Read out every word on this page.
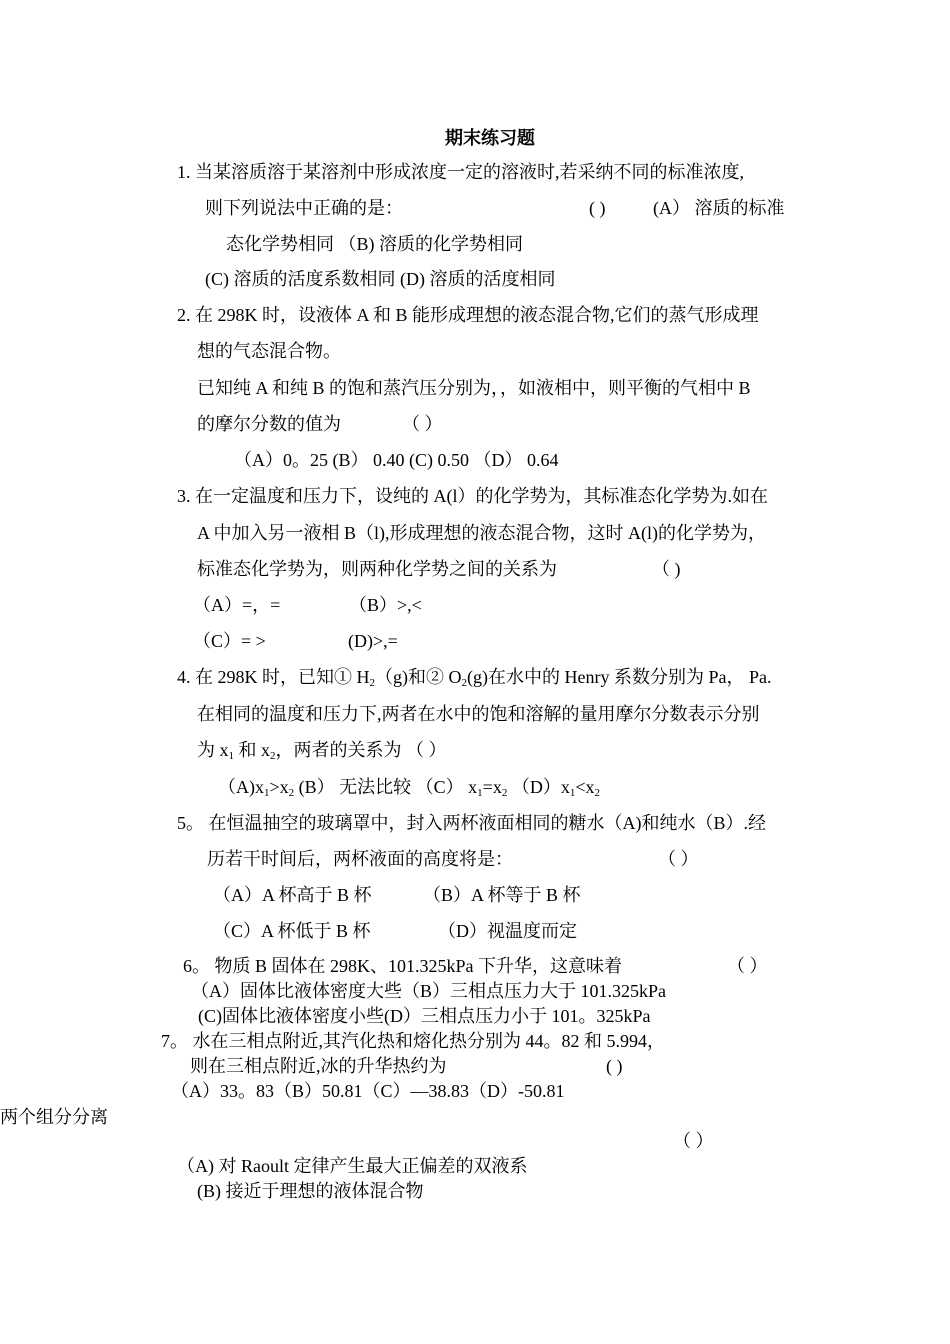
期末练习题
1. 当某溶质溶于某溶剂中形成浓度一定的溶液时,若采纳不同的标准浓度,
则下列说法中正确的是：	( )	(A） 溶质的标准
态化学势相同 （B) 溶质的化学势相同
(C) 溶质的活度系数相同 (D) 溶质的活度相同
2. 在 298K 时，设液体 A 和 B 能形成理想的液态混合物,它们的蒸气形成理
想的气态混合物。
已知纯 A 和纯 B 的饱和蒸汽压分别为，，如液相中，则平衡的气相中 B
的摩尔分数的值为	（ ）
（A）0。25 (B） 0.40 (C) 0.50 （D） 0.64
3. 在一定温度和压力下，设纯的 A(l）的化学势为，其标准态化学势为.如在
A 中加入另一液相 B（l),形成理想的液态混合物，这时 A(l)的化学势为，
标准态化学势为，则两种化学势之间的关系为	（ )
（A）=，=	（B）>,<
（C）= >	(D)>,=
4. 在 298K 时，已知① $H_2(g)$和② $O_2(g)$在水中的 Henry 系数分别为 Pa， Pa.
在相同的温度和压力下,两者在水中的饱和溶解的量用摩尔分数表示分别
为 $x_1$ 和 $x_2$，两者的关系为 （ ）
$(A)x_1>x_2$ (B） 无法比较 （C） $x_1=x_2$ $(D)x_1<x_2$
5。 在恒温抽空的玻璃罩中，封入两杯液面相同的糖水（A)和纯水（B）.经
历若干时间后，两杯液面的高度将是：	（ ）
（A）A 杯高于 B 杯	（B）A 杯等于 B 杯
（C）A 杯低于 B 杯	（D）视温度而定
6。 物质 B 固体在 298K、101.325kPa 下升华，这意味着	（ ）
（A）固体比液体密度大些（B）三相点压力大于 101.325kPa
(C)固体比液体密度小些(D）三相点压力小于 101。325kPa
7。 水在三相点附近,其汽化热和熔化热分别为 44。82 和 5.994，
则在三相点附近,冰的升华热约为	( )
（A）33。83（B）50.81（C）—38.83（D）-50.81
两个组分分离
（ ）
（A) 对 Raoult 定律产生最大正偏差的双液系
(B) 接近于理想的液体混合物
